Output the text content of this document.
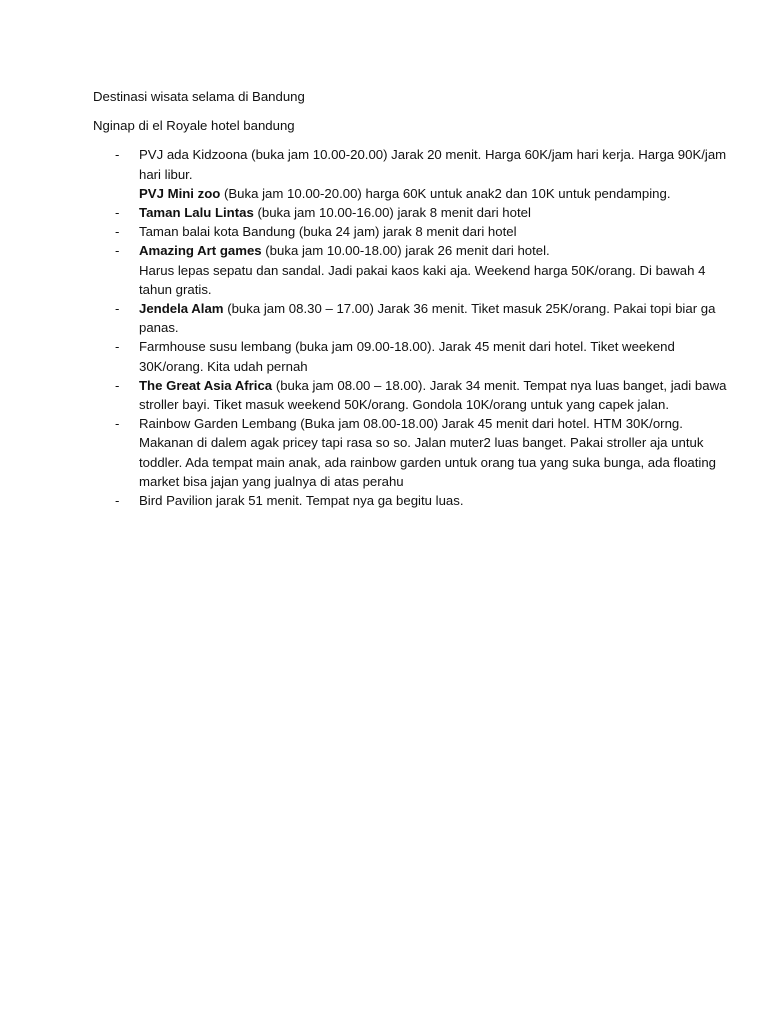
Destinasi wisata selama di Bandung

Nginap di el Royale hotel bandung

- PVJ ada Kidzoona (buka jam 10.00-20.00) Jarak 20 menit. Harga 60K/jam hari kerja. Harga 90K/jam hari libur.
PVJ Mini zoo (Buka jam 10.00-20.00) harga 60K untuk anak2 dan 10K untuk pendamping.
- Taman Lalu Lintas (buka jam 10.00-16.00) jarak 8 menit dari hotel
- Taman balai kota Bandung (buka 24 jam) jarak 8 menit dari hotel
- Amazing Art games (buka jam 10.00-18.00) jarak 26 menit dari hotel.
Harus lepas sepatu dan sandal. Jadi pakai kaos kaki aja. Weekend harga 50K/orang. Di bawah 4 tahun gratis.
- Jendela Alam (buka jam 08.30 – 17.00) Jarak 36 menit. Tiket masuk 25K/orang. Pakai topi biar ga panas.
- Farmhouse susu lembang (buka jam 09.00-18.00). Jarak 45 menit dari hotel. Tiket weekend 30K/orang. Kita udah pernah
- The Great Asia Africa (buka jam 08.00 – 18.00). Jarak 34 menit. Tempat nya luas banget, jadi bawa stroller bayi. Tiket masuk weekend 50K/orang. Gondola 10K/orang untuk yang capek jalan.
- Rainbow Garden Lembang (Buka jam 08.00-18.00) Jarak 45 menit dari hotel. HTM 30K/orng. Makanan di dalem agak pricey tapi rasa so so. Jalan muter2 luas banget. Pakai stroller aja untuk toddler. Ada tempat main anak, ada rainbow garden untuk orang tua yang suka bunga, ada floating market bisa jajan yang jualnya di atas perahu
- Bird Pavilion jarak 51 menit. Tempat nya ga begitu luas.
